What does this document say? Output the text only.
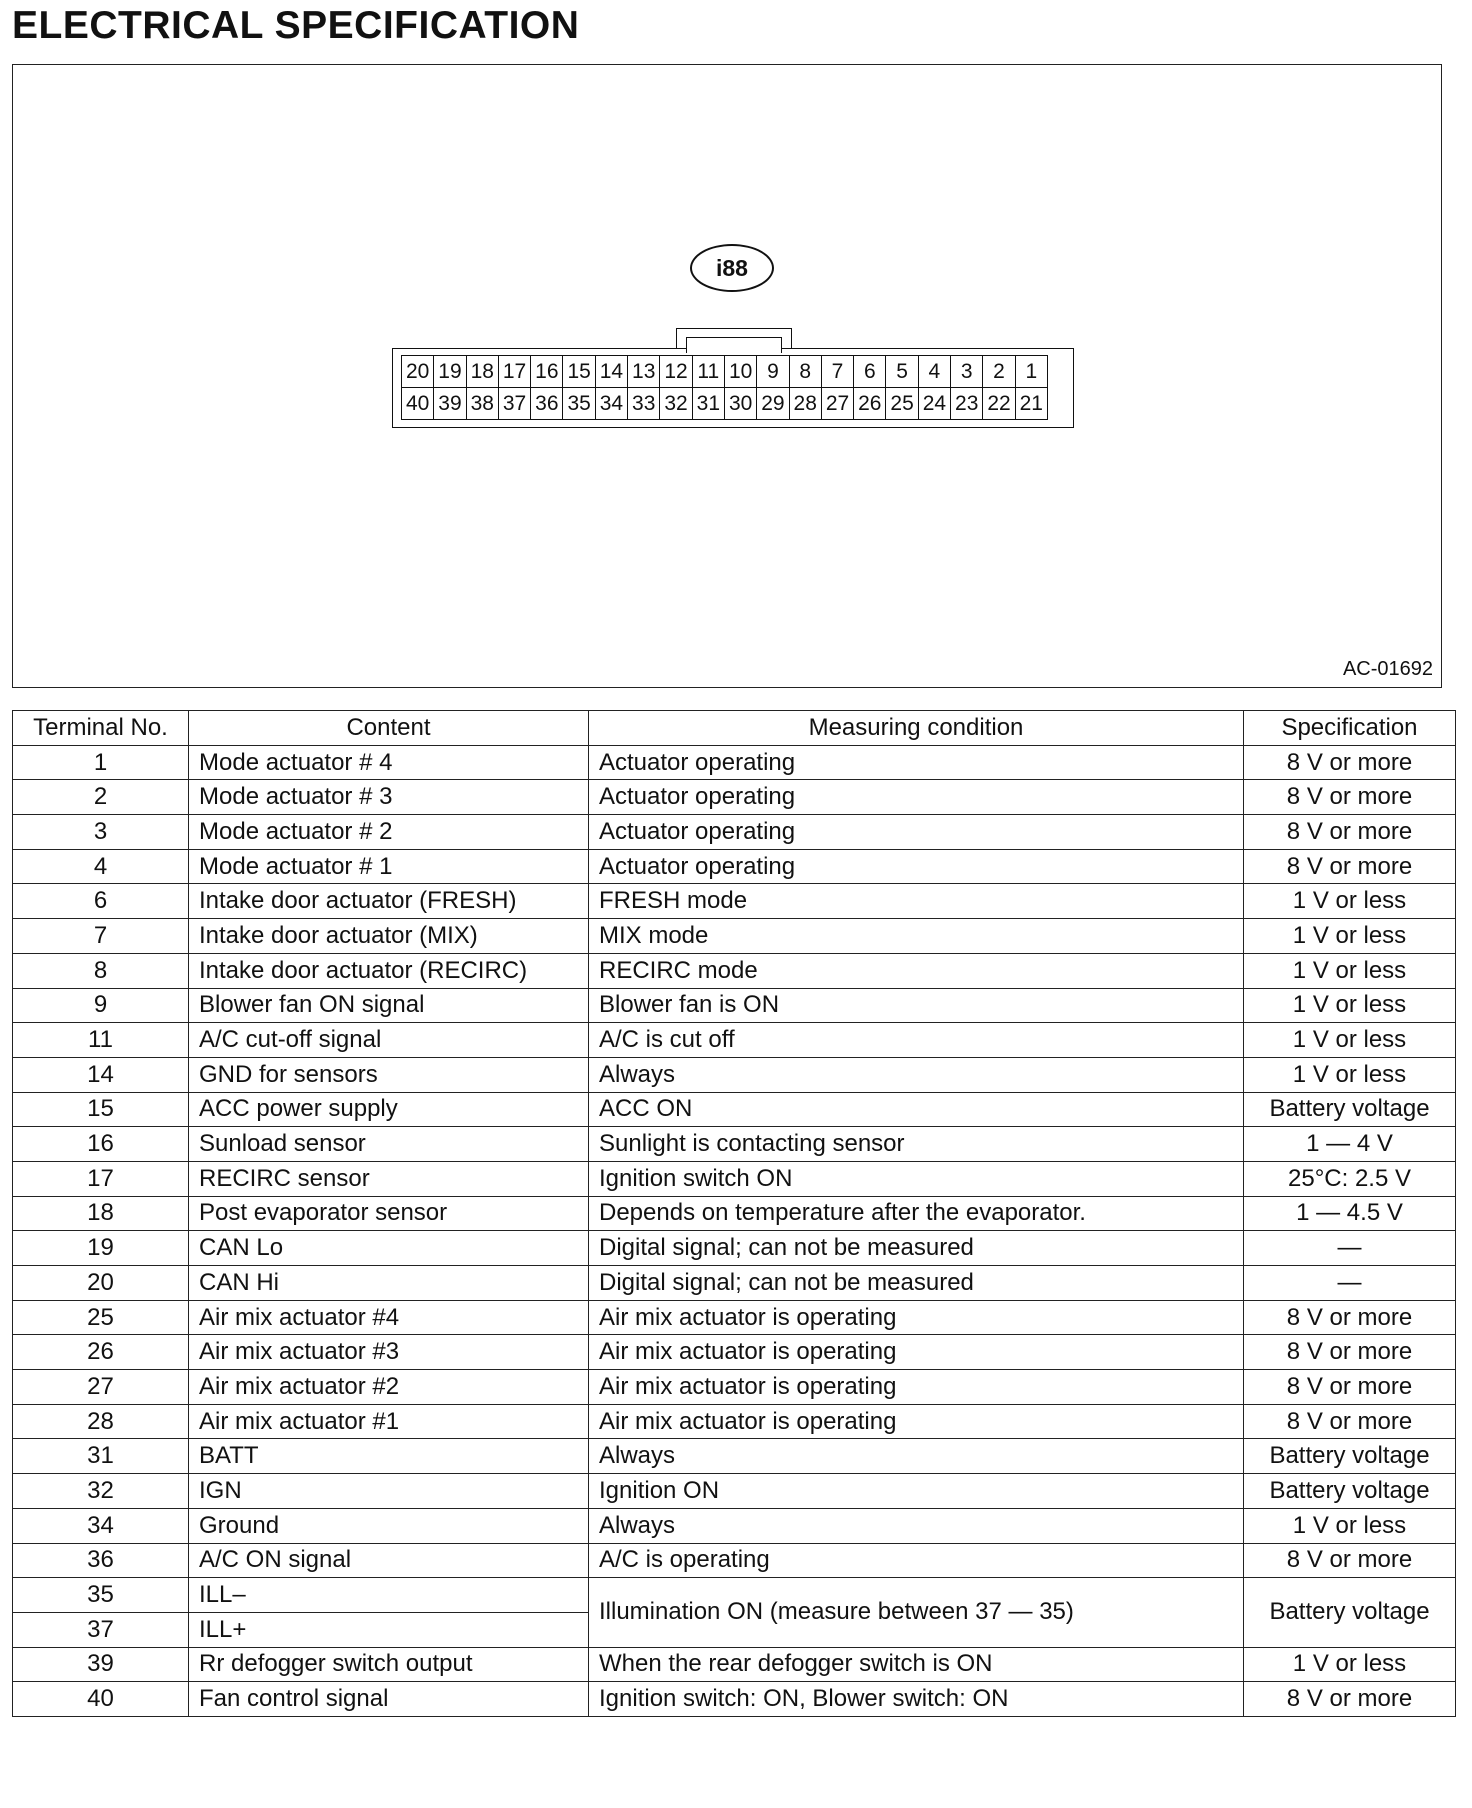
ELECTRICAL SPECIFICATION
AC-01692
i88
20	19	18	17	16	15	14	13	12	11	10	9	8	7	6	5	4	3	2	1
40	39	38	37	36	35	34	33	32	31	30	29	28	27	26	25	24	23	22	21
Terminal No.	Content	Measuring condition	Specification
1	Mode actuator # 4	Actuator operating	8 V or more
2	Mode actuator # 3	Actuator operating	8 V or more
3	Mode actuator # 2	Actuator operating	8 V or more
4	Mode actuator # 1	Actuator operating	8 V or more
6	Intake door actuator (FRESH)	FRESH mode	1 V or less
7	Intake door actuator (MIX)	MIX mode	1 V or less
8	Intake door actuator (RECIRC)	RECIRC mode	1 V or less
9	Blower fan ON signal	Blower fan is ON	1 V or less
11	A/C cut-off signal	A/C is cut off	1 V or less
14	GND for sensors	Always	1 V or less
15	ACC power supply	ACC ON	Battery voltage
16	Sunload sensor	Sunlight is contacting sensor	1 — 4 V
17	RECIRC sensor	Ignition switch ON	25°C: 2.5 V
18	Post evaporator sensor	Depends on temperature after the evaporator.	1 — 4.5 V
19	CAN Lo	Digital signal; can not be measured	—
20	CAN Hi	Digital signal; can not be measured	—
25	Air mix actuator #4	Air mix actuator is operating	8 V or more
26	Air mix actuator #3	Air mix actuator is operating	8 V or more
27	Air mix actuator #2	Air mix actuator is operating	8 V or more
28	Air mix actuator #1	Air mix actuator is operating	8 V or more
31	BATT	Always	Battery voltage
32	IGN	Ignition ON	Battery voltage
34	Ground	Always	1 V or less
36	A/C ON signal	A/C is operating	8 V or more
35	ILL–	Illumination ON (measure between 37 — 35)	Battery voltage
37	ILL+		
39	Rr defogger switch output	When the rear defogger switch is ON	1 V or less
40	Fan control signal	Ignition switch: ON, Blower switch: ON	8 V or more
